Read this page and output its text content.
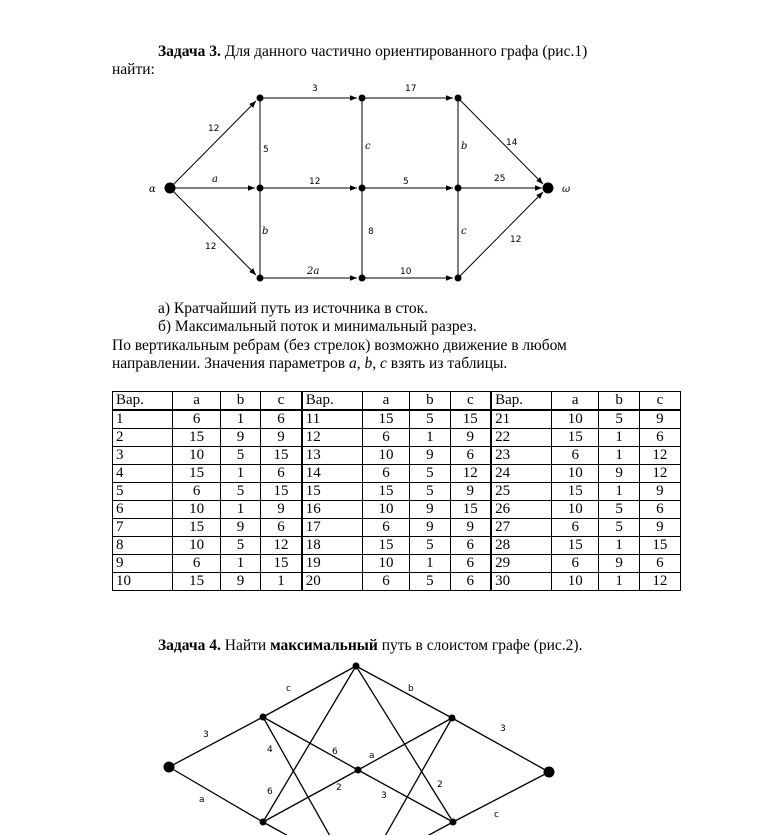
Задача 3. Для данного частично ориентированного графа (рис.1)
найти:
α	ω
12
a
12
3	17
12	5	25
2a	10
5
b
c
8
b
c
14
12
а) Кратчайший путь из источника в сток.
б) Максимальный поток и минимальный разрез.
По вертикальным ребрам (без стрелок) возможно движение в любом
направлении. Значения параметров a, b, c взять из таблицы.
Вар.	a	b	c	Вар.	a	b	c	Вар.	a	b	c
1	6	1	6	11	15	5	15	21	10	5	9
2	15	9	9	12	6	1	9	22	15	1	6
3	10	5	15	13	10	9	6	23	6	1	12
4	15	1	6	14	6	5	12	24	10	9	12
5	6	5	15	15	15	5	9	25	15	1	9
6	10	1	9	16	10	9	15	26	10	5	6
7	15	9	6	17	6	9	9	27	6	5	9
8	10	5	12	18	15	5	6	28	15	1	15
9	6	1	15	19	10	1	6	29	6	9	6
10	15	9	1	20	6	5	6	30	10	1	12
Задача 4. Найти максимальный путь в слоистом графе (рис.2).
3
a
c
4	6
6	2
b
2
a
3
3
c
